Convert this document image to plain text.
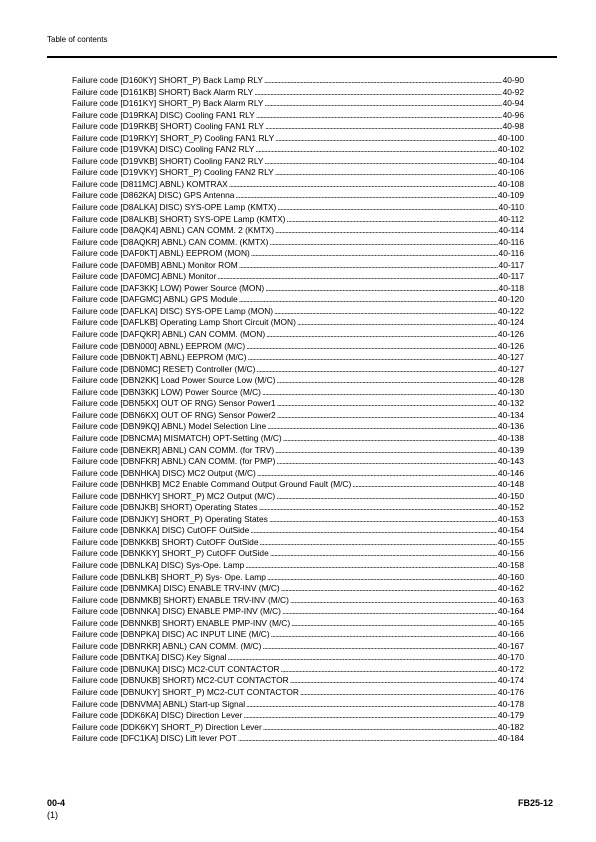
Table of contents
Failure code [D160KY] SHORT_P) Back Lamp RLY . . .	40-90
Failure code [D161KB] SHORT) Back Alarm RLY . . .	40-92
Failure code [D161KY] SHORT_P) Back Alarm RLY . . .	40-94
Failure code [D19RKA] DISC) Cooling FAN1 RLY . . .	40-96
Failure code [D19RKB] SHORT) Cooling FAN1 RLY . . .	40-98
Failure code [D19RKY] SHORT_P) Cooling FAN1 RLY . . .	40-100
Failure code [D19VKA] DISC) Cooling FAN2 RLY . . .	40-102
Failure code [D19VKB] SHORT) Cooling FAN2 RLY . . .	40-104
Failure code [D19VKY] SHORT_P) Cooling FAN2 RLY . . .	40-106
Failure code [D811MC] ABNL) KOMTRAX . . .	40-108
Failure code [D862KA] DISC) GPS Antenna . . .	40-109
Failure code [D8ALKA] DISC) SYS-OPE Lamp (KMTX) . . .	40-110
Failure code [D8ALKB] SHORT) SYS-OPE Lamp (KMTX) . . .	40-112
Failure code [D8AQK4] ABNL) CAN COMM. 2 (KMTX) . . .	40-114
Failure code [D8AQKR] ABNL) CAN COMM. (KMTX) . . .	40-116
Failure code [DAF0KT] ABNL) EEPROM (MON) . . .	40-116
Failure code [DAF0MB] ABNL) Monitor ROM . . .	40-117
Failure code [DAF0MC] ABNL) Monitor . . .	40-117
Failure code [DAF3KK] LOW) Power Source (MON) . . .	40-118
Failure code [DAFGMC] ABNL) GPS Module . . .	40-120
Failure code [DAFLKA] DISC) SYS-OPE Lamp (MON) . . .	40-122
Failure code [DAFLKB] Operating Lamp Short Circuit (MON) . . .	40-124
Failure code [DAFQKR] ABNL) CAN COMM. (MON) . . .	40-126
Failure code [DBN000] ABNL) EEPROM (M/C) . . .	40-126
Failure code [DBN0KT] ABNL) EEPROM (M/C) . . .	40-127
Failure code [DBN0MC] RESET) Controller (M/C) . . .	40-127
Failure code [DBN2KK] Load Power Source Low (M/C) . . .	40-128
Failure code [DBN3KK] LOW) Power Source (M/C) . . .	40-130
Failure code [DBN5KX] OUT OF RNG) Sensor Power1 . . .	40-132
Failure code [DBN6KX] OUT OF RNG) Sensor Power2 . . .	40-134
Failure code [DBN9KQ] ABNL) Model Selection Line . . .	40-136
Failure code [DBNCMA] MISMATCH) OPT-Setting (M/C) . . .	40-138
Failure code [DBNEKR] ABNL) CAN COMM. (for TRV) . . .	40-139
Failure code [DBNFKR] ABNL) CAN COMM. (for PMP) . . .	40-143
Failure code [DBNHKA] DISC) MC2 Output (M/C) . . .	40-146
Failure code [DBNHKB] MC2 Enable Command Output Ground Fault (M/C) . . .	40-148
Failure code [DBNHKY] SHORT_P) MC2 Output (M/C) . . .	40-150
Failure code [DBNJKB] SHORT) Operating States . . .	40-152
Failure code [DBNJKY] SHORT_P) Operating States . . .	40-153
Failure code [DBNKKA] DISC) CutOFF OutSide . . .	40-154
Failure code [DBNKKB] SHORT) CutOFF OutSide . . .	40-155
Failure code [DBNKKY] SHORT_P) CutOFF OutSide . . .	40-156
Failure code [DBNLKA] DISC) Sys-Ope. Lamp . . .	40-158
Failure code [DBNLKB] SHORT_P) Sys- Ope. Lamp . . .	40-160
Failure code [DBNMKA] DISC) ENABLE TRV-INV (M/C) . . .	40-162
Failure code [DBNMKB] SHORT) ENABLE TRV-INV (M/C) . . .	40-163
Failure code [DBNNKA] DISC) ENABLE PMP-INV (M/C) . . .	40-164
Failure code [DBNNKB] SHORT) ENABLE PMP-INV (M/C) . . .	40-165
Failure code [DBNPKA] DISC) AC INPUT LINE (M/C) . . .	40-166
Failure code [DBNRKR] ABNL) CAN COMM. (M/C) . . .	40-167
Failure code [DBNTKA] DISC) Key Signal . . .	40-170
Failure code [DBNUKA] DISC) MC2-CUT CONTACTOR . . .	40-172
Failure code [DBNUKB] SHORT) MC2-CUT CONTACTOR . . .	40-174
Failure code [DBNUKY] SHORT_P) MC2-CUT CONTACTOR . . .	40-176
Failure code [DBNVMA] ABNL) Start-up Signal . . .	40-178
Failure code [DDK6KA] DISC) Direction Lever . . .	40-179
Failure code [DDK6KY] SHORT_P) Direction Lever . . .	40-182
Failure code [DFC1KA] DISC) Lift lever POT . . .	40-184
00-4
(1)
FB25-12
